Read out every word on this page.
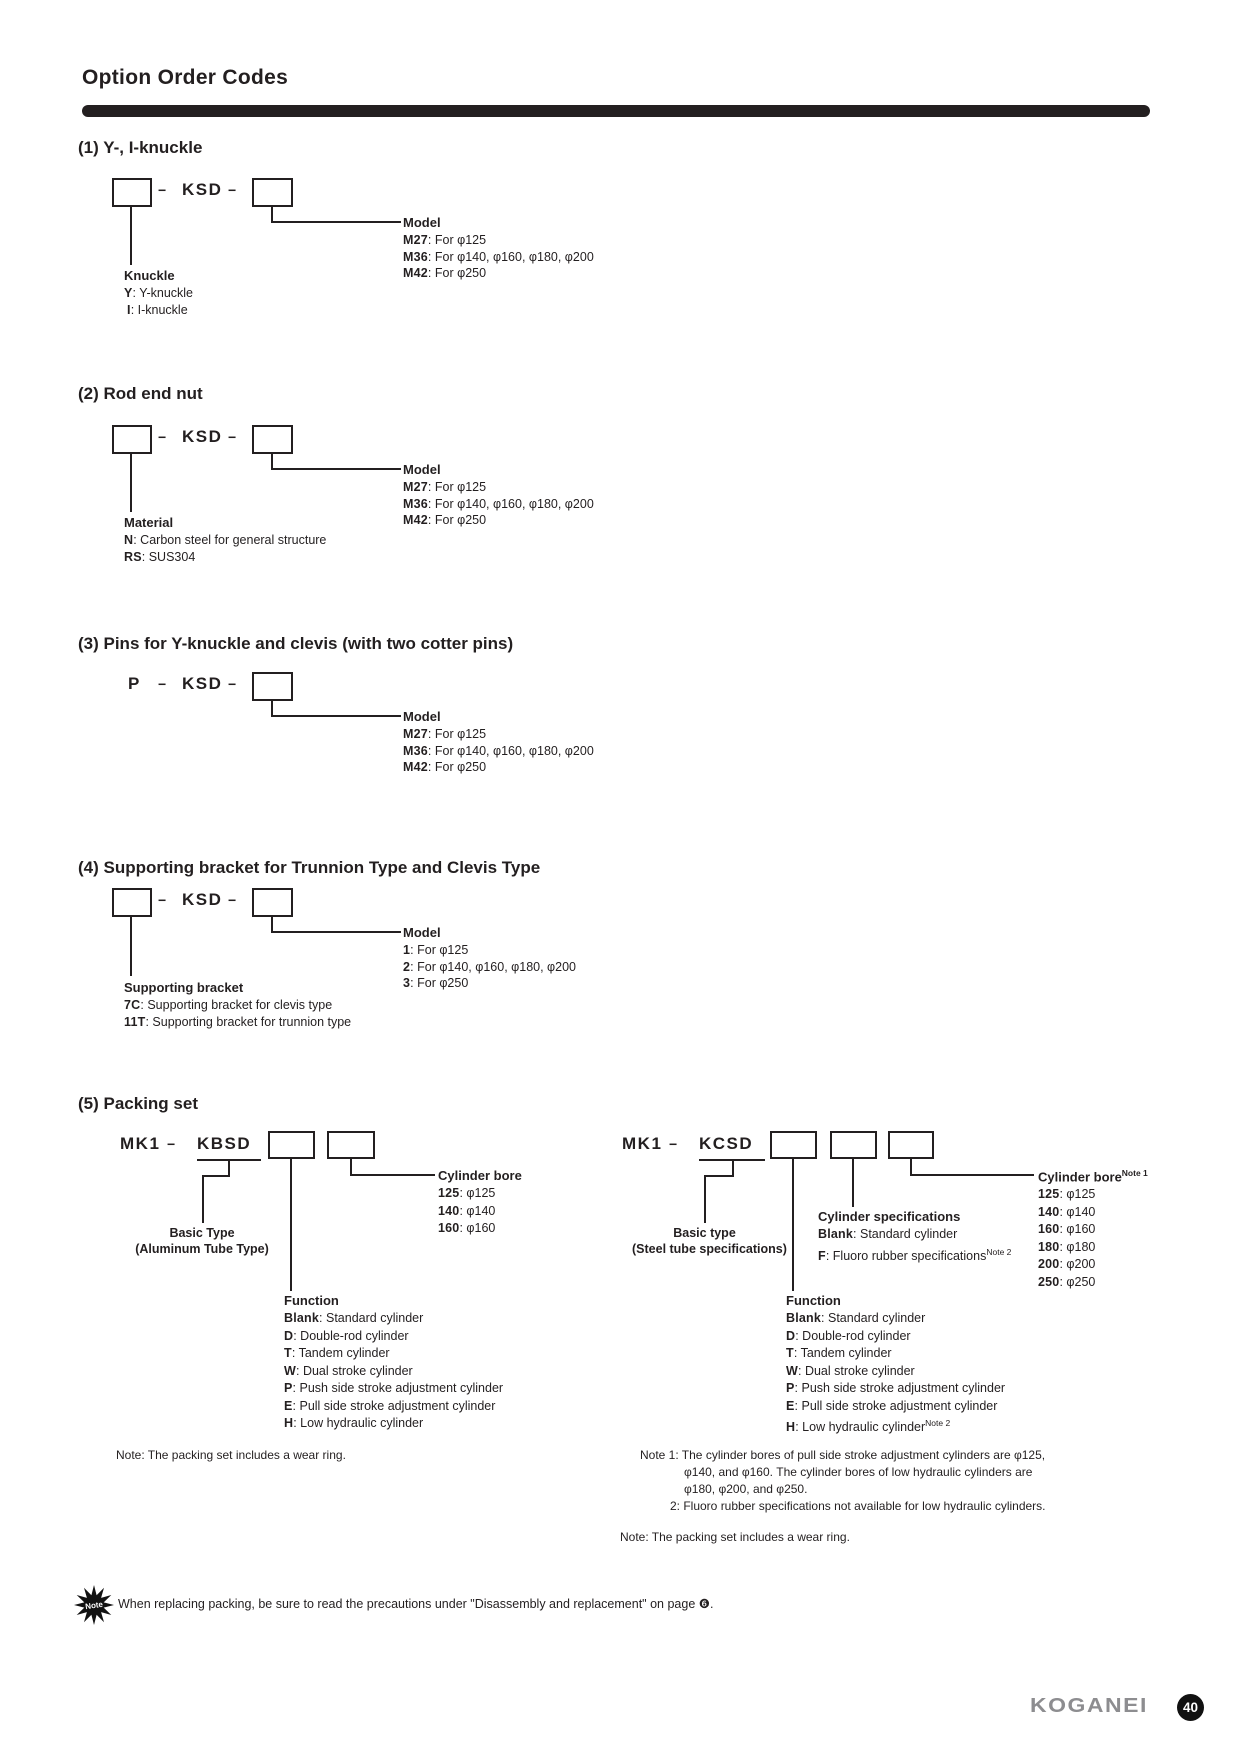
Option Order Codes
(1) Y-, I-knuckle
− KSD −
Knuckle
Y: Y-knuckle
I: I-knuckle
Model
M27: For φ125
M36: For φ140, φ160, φ180, φ200
M42: For φ250
(2) Rod end nut
− KSD −
Material
N: Carbon steel for general structure
RS: SUS304
Model
M27: For φ125
M36: For φ140, φ160, φ180, φ200
M42: For φ250
(3) Pins for Y-knuckle and clevis (with two cotter pins)
P − KSD −
Model
M27: For φ125
M36: For φ140, φ160, φ180, φ200
M42: For φ250
(4) Supporting bracket for Trunnion Type and Clevis Type
− KSD −
Supporting bracket
7C: Supporting bracket for clevis type
11T: Supporting bracket for trunnion type
Model
1: For φ125
2: For φ140, φ160, φ180, φ200
3: For φ250
(5) Packing set
MK1 − KBSD
Basic Type
(Aluminum Tube Type)
Function
Blank: Standard cylinder
D: Double-rod cylinder
T: Tandem cylinder
W: Dual stroke cylinder
P: Push side stroke adjustment cylinder
E: Pull side stroke adjustment cylinder
H: Low hydraulic cylinder
Cylinder bore
125: φ125
140: φ140
160: φ160
Note: The packing set includes a wear ring.
MK1 − KCSD
Basic type
(Steel tube specifications)
Function
Blank: Standard cylinder
D: Double-rod cylinder
T: Tandem cylinder
W: Dual stroke cylinder
P: Push side stroke adjustment cylinder
E: Pull side stroke adjustment cylinder
H: Low hydraulic cylinder$^{Note 2}$
Cylinder specifications
Blank: Standard cylinder
F: Fluoro rubber specifications$^{Note 2}$
Cylinder bore$^{Note 1}$
125: φ125
140: φ140
160: φ160
180: φ180
200: φ200
250: φ250
Note 1: The cylinder bores of pull side stroke adjustment cylinders are φ125,
φ140, and φ160. The cylinder bores of low hydraulic cylinders are
φ180, φ200, and φ250.
2: Fluoro rubber specifications not available for low hydraulic cylinders.
Note: The packing set includes a wear ring.
Note When replacing packing, be sure to read the precautions under "Disassembly and replacement" on page ❻.
KOGANEI	40
